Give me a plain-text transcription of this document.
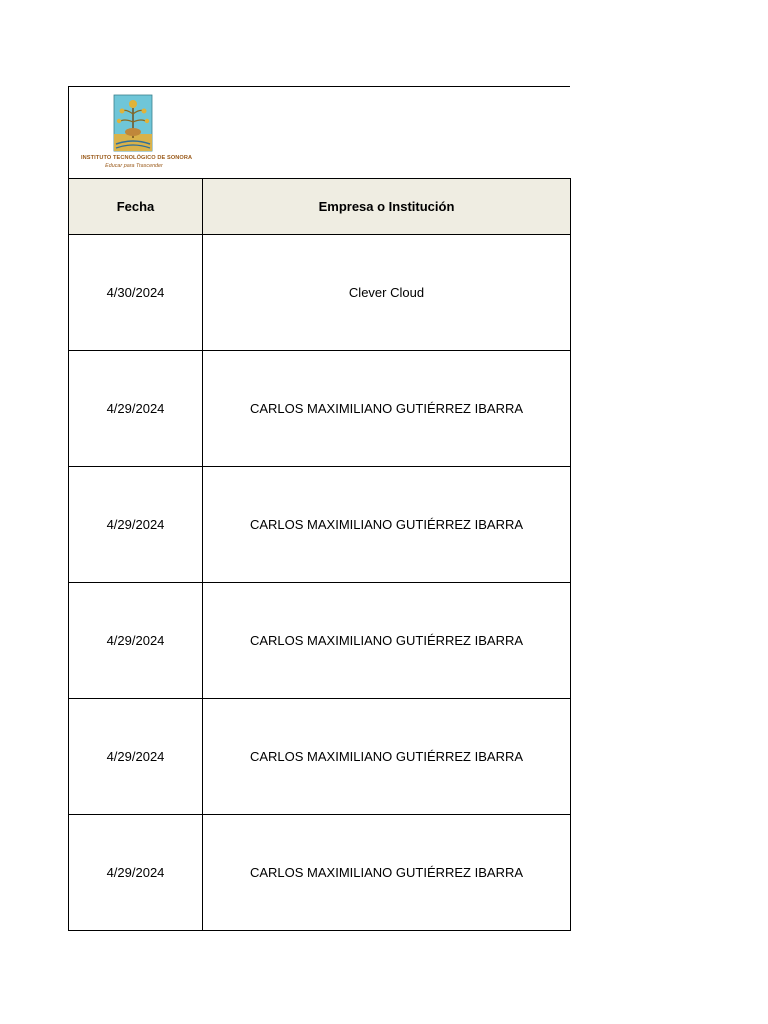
INSTITUTO TECNOLÓGICO DE SONORA
Educar para Trascender
Fecha	Empresa o Institución
4/30/2024	Clever Cloud
4/29/2024	CARLOS MAXIMILIANO GUTIÉRREZ IBARRA
4/29/2024	CARLOS MAXIMILIANO GUTIÉRREZ IBARRA
4/29/2024	CARLOS MAXIMILIANO GUTIÉRREZ IBARRA
4/29/2024	CARLOS MAXIMILIANO GUTIÉRREZ IBARRA
4/29/2024	CARLOS MAXIMILIANO GUTIÉRREZ IBARRA
